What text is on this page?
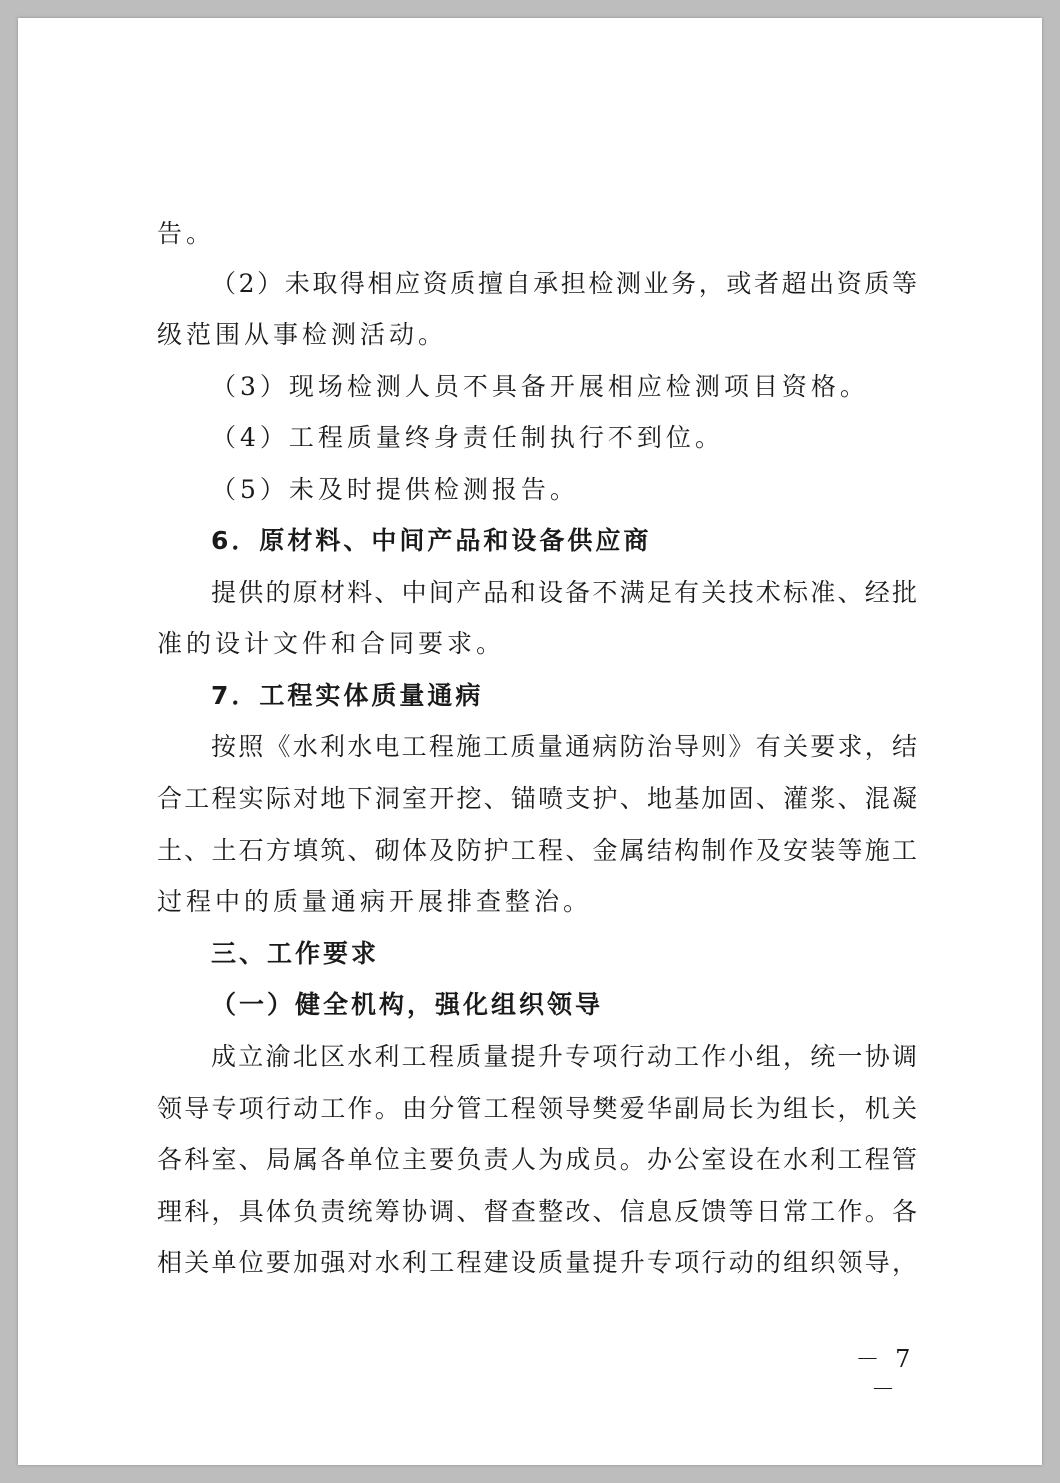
告。
（2）未取得相应资质擅自承担检测业务，或者超出资质等
级范围从事检测活动。
（3）现场检测人员不具备开展相应检测项目资格。
（4）工程质量终身责任制执行不到位。
（5）未及时提供检测报告。
6．原材料、中间产品和设备供应商
提供的原材料、中间产品和设备不满足有关技术标准、经批
准的设计文件和合同要求。
7．工程实体质量通病
按照《水利水电工程施工质量通病防治导则》有关要求，结
合工程实际对地下洞室开挖、锚喷支护、地基加固、灌浆、混凝
土、土石方填筑、砌体及防护工程、金属结构制作及安装等施工
过程中的质量通病开展排查整治。
三、工作要求
（一）健全机构，强化组织领导
成立渝北区水利工程质量提升专项行动工作小组，统一协调
领导专项行动工作。由分管工程领导樊爱华副局长为组长，机关
各科室、局属各单位主要负责人为成员。办公室设在水利工程管
理科，具体负责统筹协调、督查整改、信息反馈等日常工作。各
相关单位要加强对水利工程建设质量提升专项行动的组织领导，
－ 7 －
